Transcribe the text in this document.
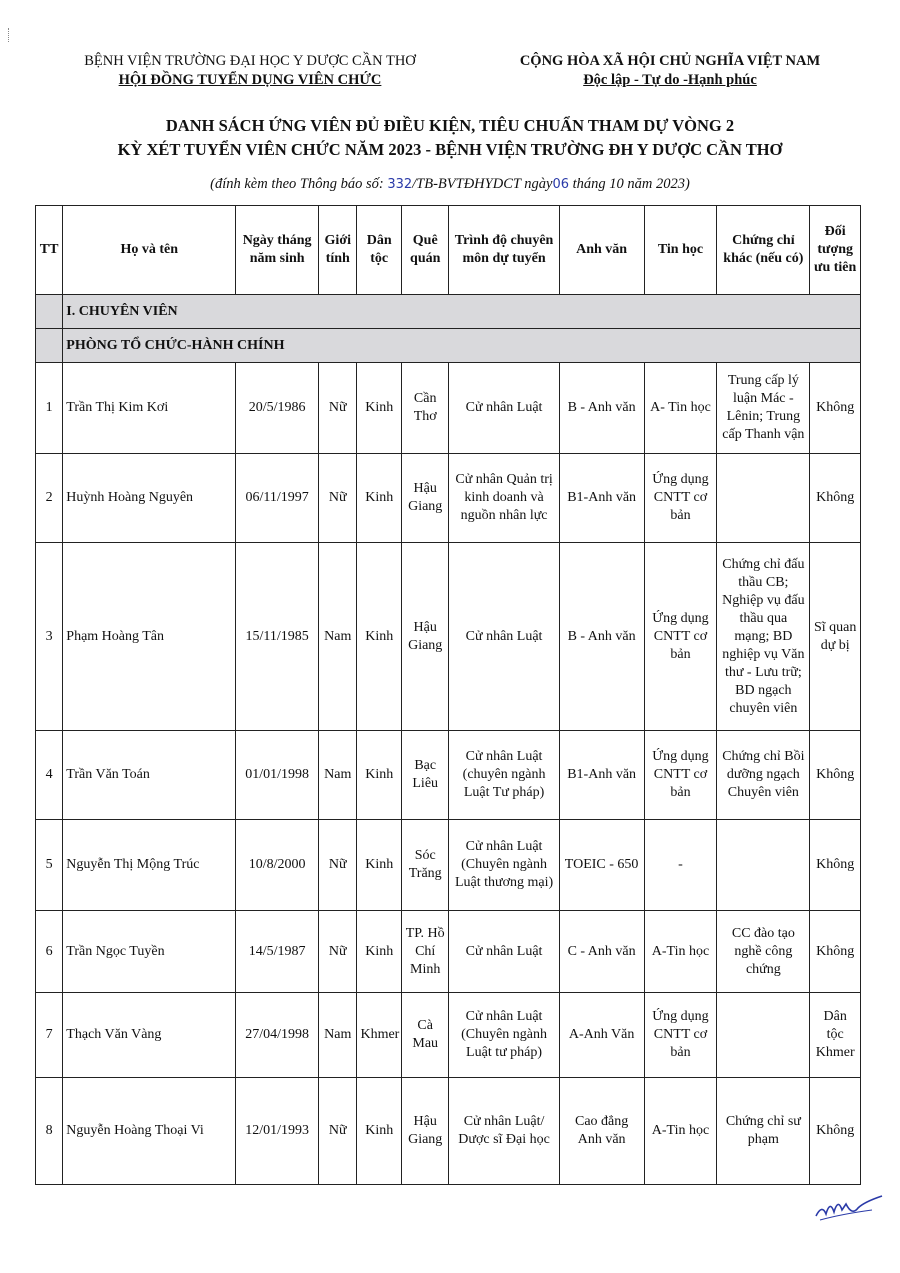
BỆNH VIỆN TRƯỜNG ĐẠI HỌC Y DƯỢC CẦN THƠ
HỘI ĐỒNG TUYỂN DỤNG VIÊN CHỨC
CỘNG HÒA XÃ HỘI CHỦ NGHĨA VIỆT NAM
Độc lập - Tự do -Hạnh phúc
DANH SÁCH ỨNG VIÊN ĐỦ ĐIỀU KIỆN, TIÊU CHUẨN THAM DỰ VÒNG 2
KỲ XÉT TUYỂN VIÊN CHỨC NĂM 2023 - BỆNH VIỆN TRƯỜNG ĐH Y DƯỢC CẦN THƠ
(đính kèm theo Thông báo số: 332/TB-BVTĐHYDCT ngày06 tháng 10 năm 2023)
TT	Họ và tên	Ngày tháng năm sinh	Giới tính	Dân tộc	Quê quán	Trình độ chuyên môn dự tuyển	Anh văn	Tin học	Chứng chỉ khác (nếu có)	Đối tượng ưu tiên
	I. CHUYÊN VIÊN									
	PHÒNG TỔ CHỨC-HÀNH CHÍNH									
1	Trần Thị Kim Kơi	20/5/1986	Nữ	Kinh	Cần Thơ	Cử nhân Luật	B - Anh văn	A- Tin học	Trung cấp lý luận Mác - Lênin; Trung cấp Thanh vận	Không
2	Huỳnh Hoàng Nguyên	06/11/1997	Nữ	Kinh	Hậu Giang	Cử nhân Quản trị kinh doanh và nguồn nhân lực	B1-Anh văn	Ứng dụng CNTT cơ bản		Không
3	Phạm Hoàng Tân	15/11/1985	Nam	Kinh	Hậu Giang	Cử nhân Luật	B - Anh văn	Ứng dụng CNTT cơ bản	Chứng chỉ đấu thầu CB; Nghiệp vụ đấu thầu qua mạng; BD nghiệp vụ Văn thư - Lưu trữ; BD ngạch chuyên viên	Sĩ quan dự bị
4	Trần Văn Toán	01/01/1998	Nam	Kinh	Bạc Liêu	Cử nhân Luật (chuyên ngành Luật Tư pháp)	B1-Anh văn	Ứng dụng CNTT cơ bản	Chứng chỉ Bồi dưỡng ngạch Chuyên viên	Không
5	Nguyễn Thị Mộng Trúc	10/8/2000	Nữ	Kinh	Sóc Trăng	Cử nhân Luật (Chuyên ngành Luật thương mại)	TOEIC - 650	-		Không
6	Trần Ngọc Tuyền	14/5/1987	Nữ	Kinh	TP. Hồ Chí Minh	Cử nhân Luật	C - Anh văn	A-Tin học	CC đào tạo nghề công chứng	Không
7	Thạch Văn Vàng	27/04/1998	Nam	Khmer	Cà Mau	Cử nhân Luật (Chuyên ngành Luật tư pháp)	A-Anh Văn	Ứng dụng CNTT cơ bản		Dân tộc Khmer
8	Nguyễn Hoàng Thoại Vi	12/01/1993	Nữ	Kinh	Hậu Giang	Cử nhân Luật/ Dược sĩ Đại học	Cao đẳng Anh văn	A-Tin học	Chứng chỉ sư phạm	Không
